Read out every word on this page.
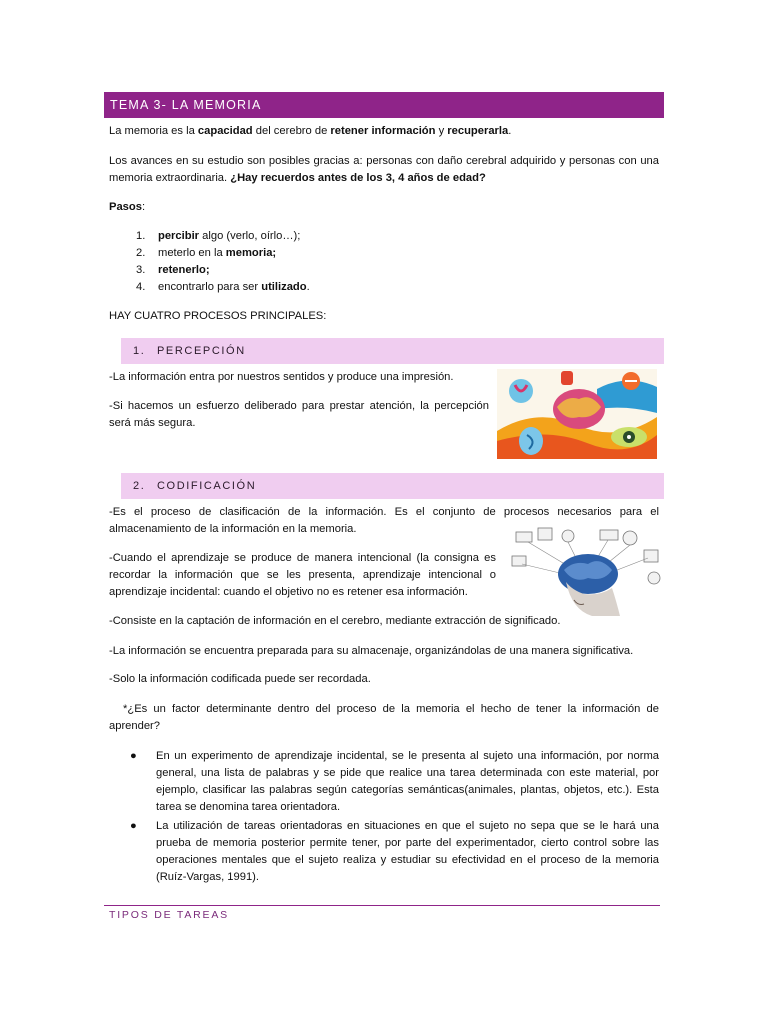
TEMA 3- LA MEMORIA
La memoria es la capacidad del cerebro de retener información y recuperarla.
Los avances en su estudio son posibles gracias a: personas con daño cerebral adquirido y personas con una memoria extraordinaria. ¿Hay recuerdos antes de los 3, 4 años de edad?
Pasos:
1. percibir algo (verlo, oírlo…);
2. meterlo en la memoria;
3. retenerlo;
4. encontrarlo para ser utilizado.
HAY CUATRO PROCESOS PRINCIPALES:
1. PERCEPCIÓN
-La información entra por nuestros sentidos y produce una impresión.
-Si hacemos un esfuerzo deliberado para prestar atención, la percepción será más segura.
2. CODIFICACIÓN
-Es el proceso de clasificación de la información. Es el conjunto de procesos necesarios para el almacenamiento de la información en la memoria.
-Cuando el aprendizaje se produce de manera intencional (la consigna es recordar la información que se les presenta, aprendizaje intencional o aprendizaje incidental: cuando el objetivo no es retener esa información.
-Consiste en la captación de información en el cerebro, mediante extracción de significado.
-La información se encuentra preparada para su almacenaje, organizándolas de una manera significativa.
-Solo la información codificada puede ser recordada.
*¿Es un factor determinante dentro del proceso de la memoria el hecho de tener la información de aprender?
● En un experimento de aprendizaje incidental, se le presenta al sujeto una información, por norma general, una lista de palabras y se pide que realice una tarea determinada con este material, por ejemplo, clasificar las palabras según categorías semánticas(animales, plantas, objetos, etc.). Esta tarea se denomina tarea orientadora.
● La utilización de tareas orientadoras en situaciones en que el sujeto no sepa que se le hará una prueba de memoria posterior permite tener, por parte del experimentador, cierto control sobre las operaciones mentales que el sujeto realiza y estudiar su efectividad en el proceso de la memoria (Ruíz-Vargas, 1991).
TIPOS DE TAREAS
